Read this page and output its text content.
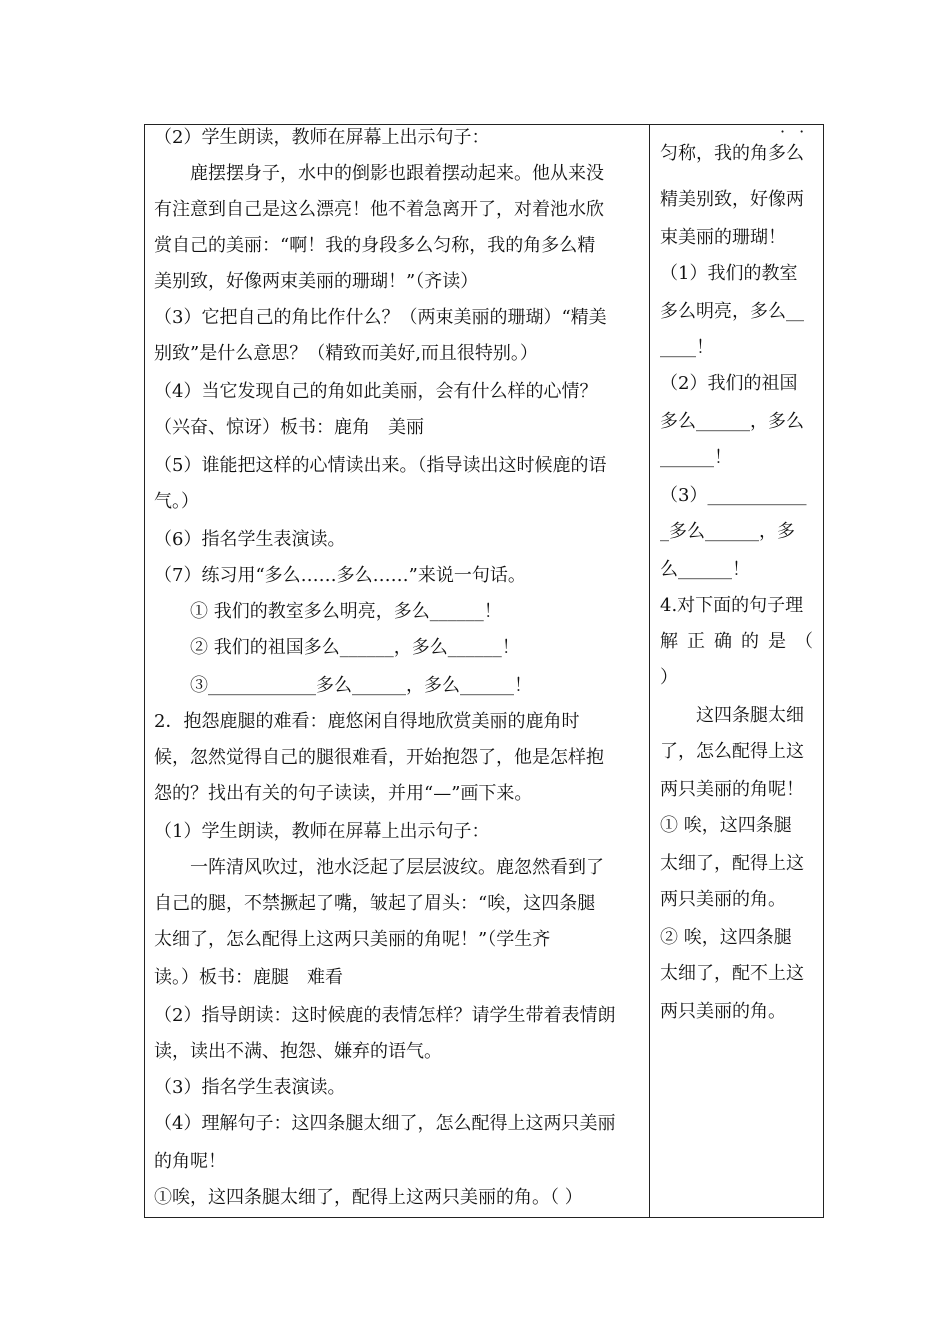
（2）学生朗读，教师在屏幕上出示句子：
　　鹿摆摆身子，水中的倒影也跟着摆动起来。他从来没
有注意到自己是这么漂亮！他不着急离开了，对着池水欣
赏自己的美丽：“啊！我的身段多么匀称，我的角多么精
美别致，好像两束美丽的珊瑚！”（齐读）
（3）它把自己的角比作什么？（两束美丽的珊瑚）“精美
别致”是什么意思？（精致而美好,而且很特别。）
（4）当它发现自己的角如此美丽，会有什么样的心情？
（兴奋、惊讶）板书：鹿角　美丽
（5）谁能把这样的心情读出来。（指导读出这时候鹿的语
气。）
（6）指名学生表演读。
（7）练习用“多么……多么……”来说一句话。
　　① 我们的教室多么明亮，多么______！
　　② 我们的祖国多么______，多么______！
　　③____________多么______，多么______！
2．抱怨鹿腿的难看：鹿悠闲自得地欣赏美丽的鹿角时
候，忽然觉得自己的腿很难看，开始抱怨了，他是怎样抱
怨的？找出有关的句子读读，并用“—”画下来。
（1）学生朗读，教师在屏幕上出示句子：
　　一阵清风吹过，池水泛起了层层波纹。鹿忽然看到了
自己的腿，不禁撅起了嘴，皱起了眉头：“唉，这四条腿
太细了，怎么配得上这两只美丽的角呢！”（学生齐
读。）板书：鹿腿　难看
（2）指导朗读：这时候鹿的表情怎样？请学生带着表情朗
读，读出不满、抱怨、嫌弃的语气。
（3）指名学生表演读。
（4）理解句子：这四条腿太细了，怎么配得上这两只美丽
的角呢！
①唉，这四条腿太细了，配得上这两只美丽的角。（ ）
··
匀称，我的角多么
精美别致，好像两
束美丽的珊瑚！
（1）我们的教室
多么明亮，多么__
____！
（2）我们的祖国
多么______，多么
______！
（3）___________
_多么______，多
么______！
4.对下面的句子理
解正确的是（
）
　　这四条腿太细
了，怎么配得上这
两只美丽的角呢！
① 唉，这四条腿
太细了，配得上这
两只美丽的角。
② 唉，这四条腿
太细了，配不上这
两只美丽的角。
